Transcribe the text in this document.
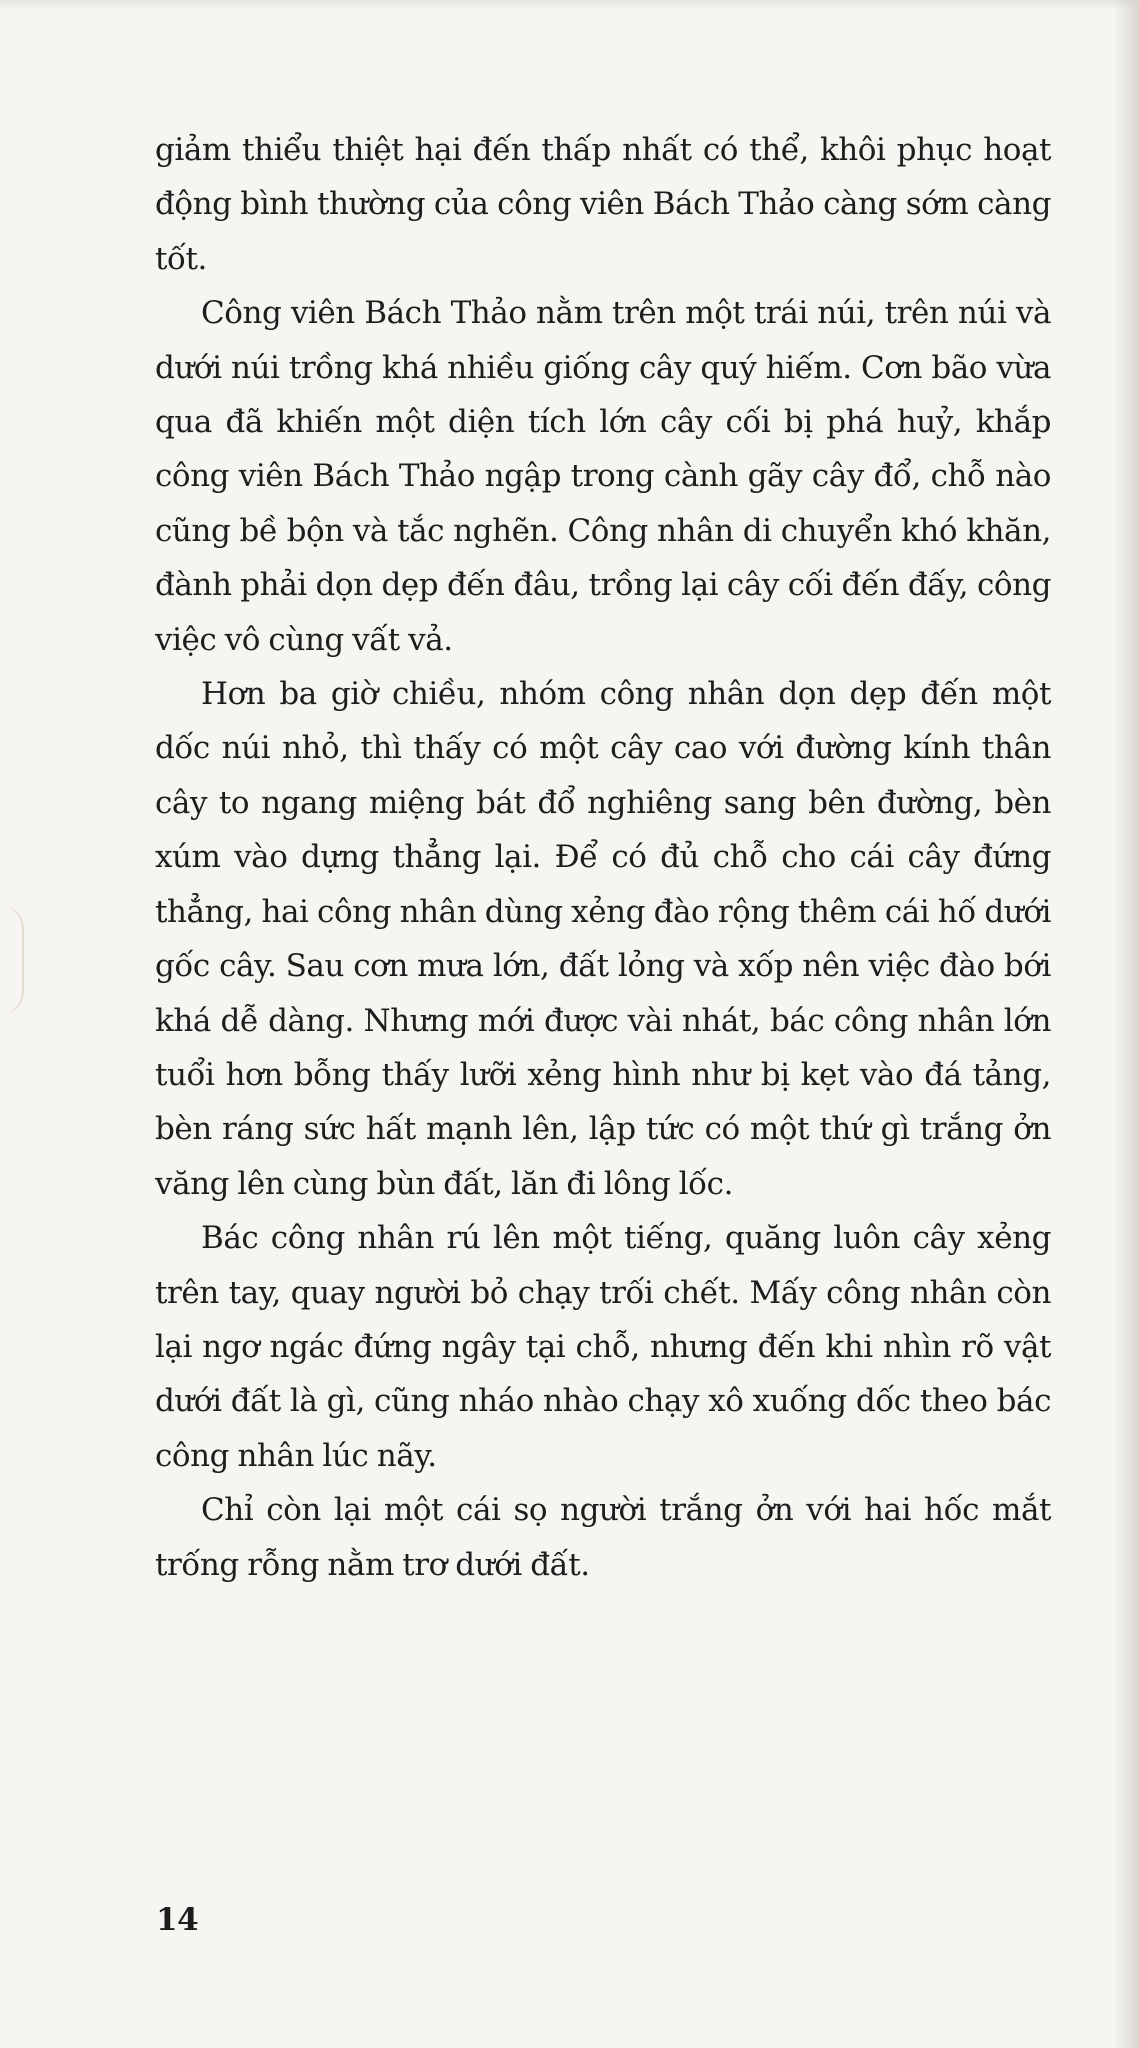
giảm thiểu thiệt hại đến thấp nhất có thể, khôi phục hoạt động bình thường của công viên Bách Thảo càng sớm càng tốt.

Công viên Bách Thảo nằm trên một trái núi, trên núi và dưới núi trồng khá nhiều giống cây quý hiếm. Cơn bão vừa qua đã khiến một diện tích lớn cây cối bị phá huỷ, khắp công viên Bách Thảo ngập trong cành gãy cây đổ, chỗ nào cũng bề bộn và tắc nghẽn. Công nhân di chuyển khó khăn, đành phải dọn dẹp đến đâu, trồng lại cây cối đến đấy, công việc vô cùng vất vả.

Hơn ba giờ chiều, nhóm công nhân dọn dẹp đến một dốc núi nhỏ, thì thấy có một cây cao với đường kính thân cây to ngang miệng bát đổ nghiêng sang bên đường, bèn xúm vào dựng thẳng lại. Để có đủ chỗ cho cái cây đứng thẳng, hai công nhân dùng xẻng đào rộng thêm cái hố dưới gốc cây. Sau cơn mưa lớn, đất lỏng và xốp nên việc đào bới khá dễ dàng. Nhưng mới được vài nhát, bác công nhân lớn tuổi hơn bỗng thấy lưỡi xẻng hình như bị kẹt vào đá tảng, bèn ráng sức hất mạnh lên, lập tức có một thứ gì trắng ởn văng lên cùng bùn đất, lăn đi lông lốc.

Bác công nhân rú lên một tiếng, quăng luôn cây xẻng trên tay, quay người bỏ chạy trối chết. Mấy công nhân còn lại ngơ ngác đứng ngây tại chỗ, nhưng đến khi nhìn rõ vật dưới đất là gì, cũng nháo nhào chạy xô xuống dốc theo bác công nhân lúc nãy.

Chỉ còn lại một cái sọ người trắng ởn với hai hốc mắt trống rỗng nằm trơ dưới đất.

14
